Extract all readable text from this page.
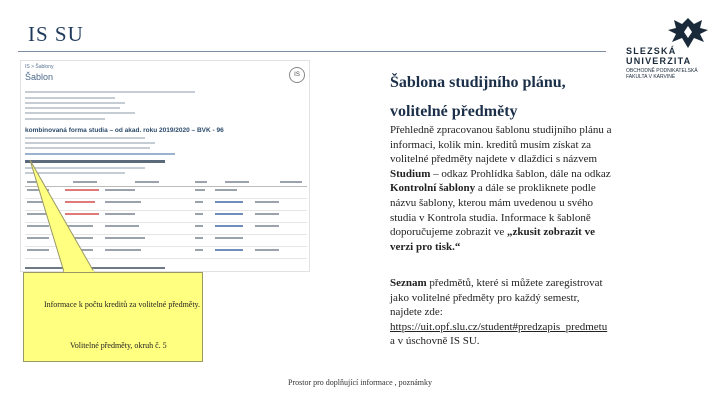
IS SU
SLEZSKÁ
UNIVERZITA
OBCHODNĚ PODNIKATELSKÁ FAKULTA V KARVINÉ
IS > Šablony
Šablon	IS
kombinovaná forma studia – od akad. roku 2019/2020 – BVK - 96
Informace k počtu kreditů za volitelné předměty.
Volitelné předměty, okruh č. 5
Šablona studijního plánu,
volitelné předměty
Přehledně zpracovanou šablonu studijního plánu a informaci, kolik min. kreditů musím získat za volitelné předměty najdete v dlaždici s názvem Studium – odkaz Prohlídka šablon, dále na odkaz Kontrolní šablony a dále se prokliknete podle názvu šablony, kterou mám uvedenou u svého studia v Kontrola studia. Informace k šabloně doporučujeme zobrazit ve „zkusit zobrazit ve verzi pro tisk.“
Seznam předmětů, které si můžete zaregistrovat jako volitelné předměty pro každý semestr, najdete zde: https://uit.opf.slu.cz/student#predzapis_predmetu a v úschovně IS SU.
Prostor pro doplňující informace , poznámky
